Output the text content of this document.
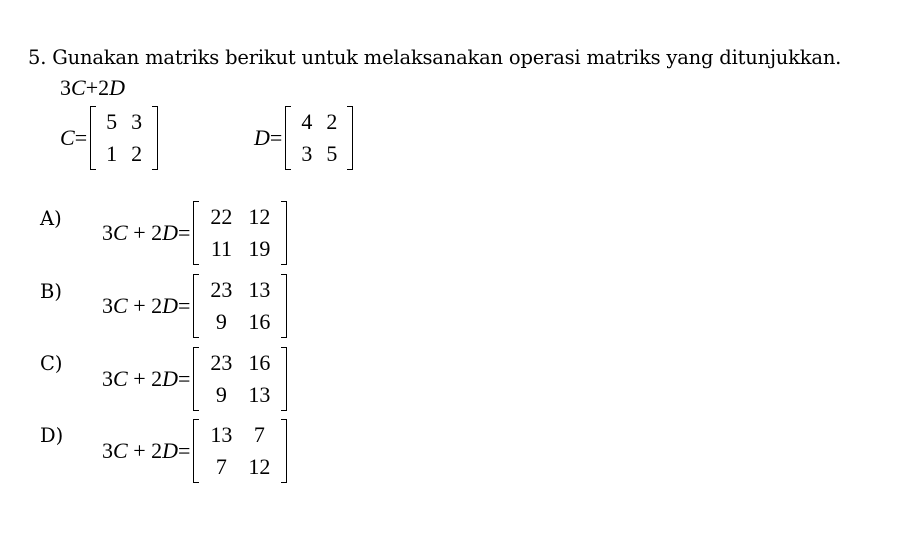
5. Gunakan matriks berikut untuk melaksanakan operasi matriks yang ditunjukkan.
3C+2D
C =
5	3
1	2
D =
4	2
3	5
A)
3C + 2D=
22	12
11	19
B)
3C + 2D=
23	13
9	16
C)
3C + 2D=
23	16
9	13
D)
3C + 2D=
13	7
7	12
